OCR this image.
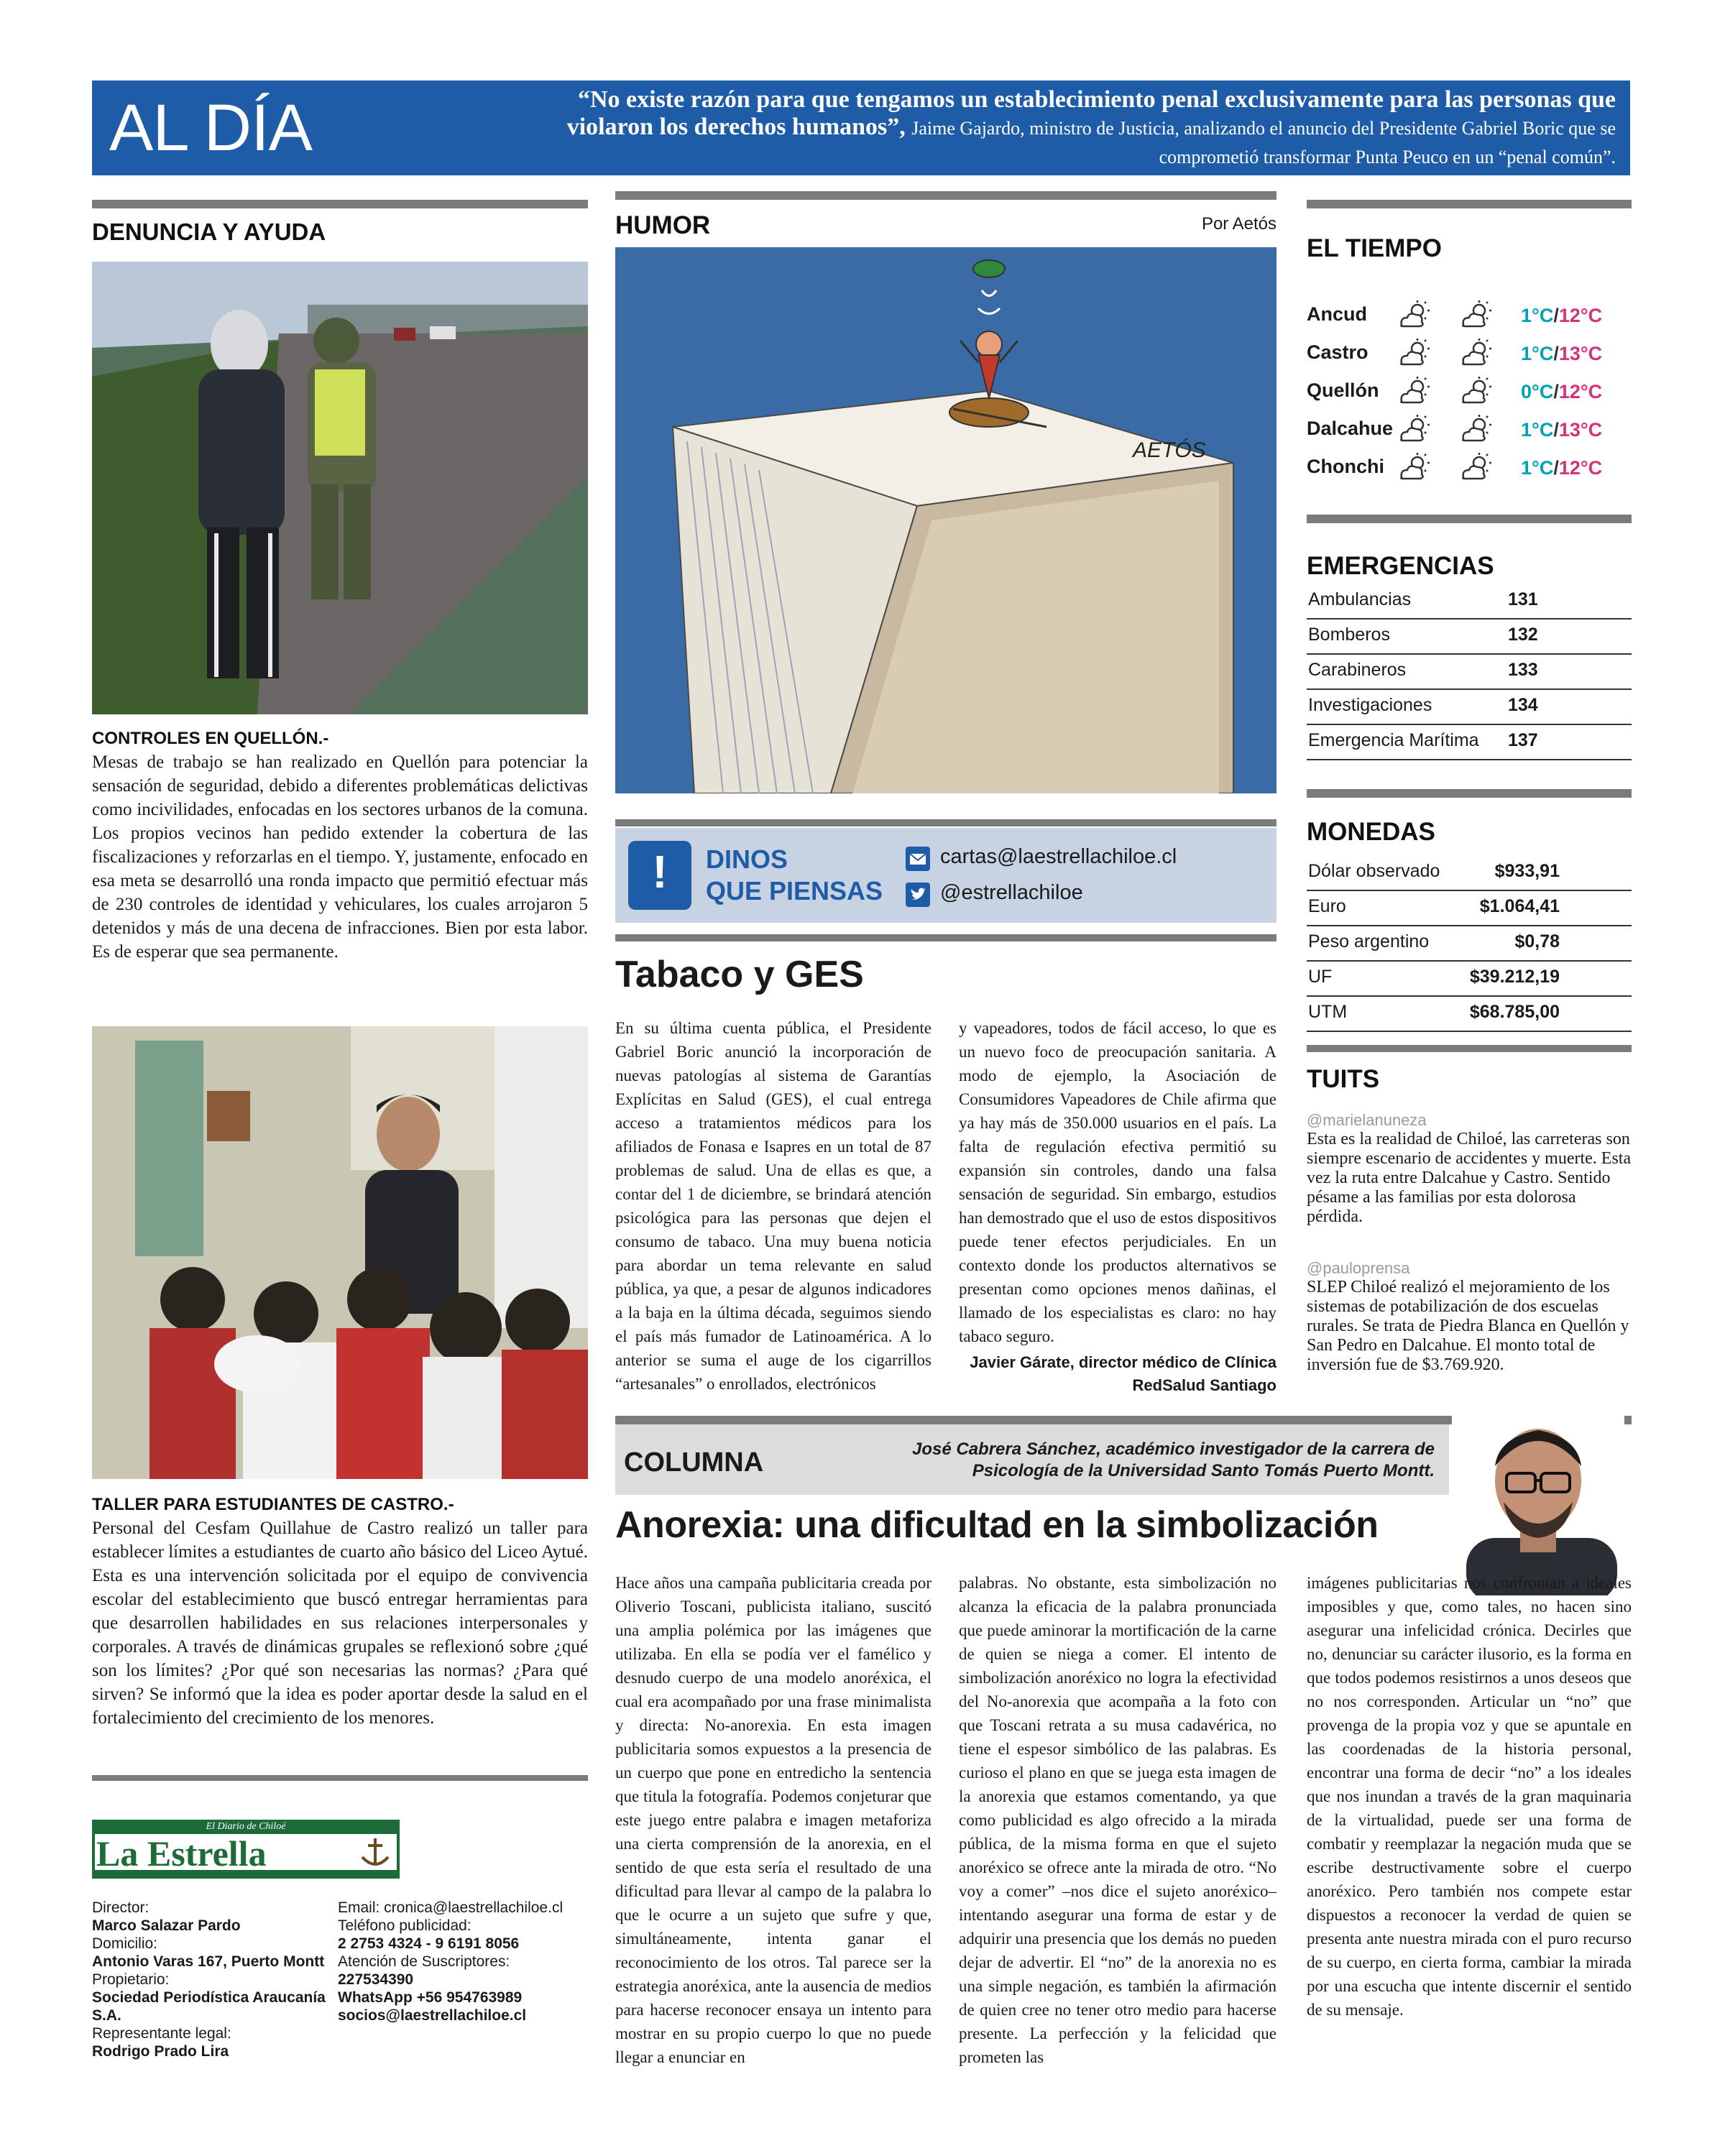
AL DÍA	“No existe razón para que tengamos un establecimiento penal exclusivamente para las personas que violaron los derechos humanos”, Jaime Gajardo, ministro de Justicia, analizando el anuncio del Presidente Gabriel Boric que se comprometió transformar Punta Peuco en un “penal común”.
DENUNCIA Y AYUDA
CONTROLES EN QUELLÓN.-

Mesas de trabajo se han realizado en Quellón para potenciar la sensación de seguridad, debido a diferentes problemáticas delictivas como incivilidades, enfocadas en los sectores urbanos de la comuna. Los propios vecinos han pedido extender la cobertura de las fiscalizaciones y reforzarlas en el tiempo. Y, justamente, enfocado en esa meta se desarrolló una ronda impacto que permitió efectuar más de 230 controles de identidad y vehiculares, los cuales arrojaron 5 detenidos y más de una decena de infracciones. Bien por esta labor. Es de esperar que sea permanente.

TALLER PARA ESTUDIANTES DE CASTRO.-

Personal del Cesfam Quillahue de Castro realizó un taller para establecer límites a estudiantes de cuarto año básico del Liceo Aytué. Esta es una intervención solicitada por el equipo de convivencia escolar del establecimiento que buscó entregar herramientas para que desarrollen habilidades en sus relaciones interpersonales y corporales. A través de dinámicas grupales se reflexionó sobre ¿qué son los límites? ¿Por qué son necesarias las normas? ¿Para qué sirven? Se informó que la idea es poder aportar desde la salud en el fortalecimiento del crecimiento de los menores.

El Diario de Chiloé
La Estrella
Director:
Marco Salazar Pardo
Domicilio:
Antonio Varas 167, Puerto Montt
Propietario:
Sociedad Periodística Araucanía S.A.
Representante legal:
Rodrigo Prado Lira
Email: cronica@laestrellachiloe.cl
Teléfono publicidad:
2 2753 4324 - 9 6191 8056
Atención de Suscriptores:
227534390
WhatsApp +56 954763989
socios@laestrellachiloe.cl
HUMOR	Por Aetós
AETÓS
!	DINOS
QUE PIENSAS
cartas@laestrellachiloe.cl
@estrellachiloe
Tabaco y GES

En su última cuenta pública, el Presidente Gabriel Boric anunció la incorporación de nuevas patologías al sistema de Garantías Explícitas en Salud (GES), el cual entrega acceso a tratamientos médicos para los afiliados de Fonasa e Isapres en un total de 87 problemas de salud. Una de ellas es que, a contar del 1 de diciembre, se brindará atención psicológica para las personas que dejen el consumo de tabaco. Una muy buena noticia para abordar un tema relevante en salud pública, ya que, a pesar de algunos indicadores a la baja en la última década, seguimos siendo el país más fumador de Latinoamérica. A lo anterior se suma el auge de los cigarrillos “artesanales” o enrollados, electrónicos

y vapeadores, todos de fácil acceso, lo que es un nuevo foco de preocupación sanitaria. A modo de ejemplo, la Asociación de Consumidores Vapeadores de Chile afirma que ya hay más de 350.000 usuarios en el país. La falta de regulación efectiva permitió su expansión sin controles, dando una falsa sensación de seguridad. Sin embargo, estudios han demostrado que el uso de estos dispositivos puede tener efectos perjudiciales. En un contexto donde los productos alternativos se presentan como opciones menos dañinas, el llamado de los especialistas es claro: no hay tabaco seguro.

Javier Gárate, director médico de Clínica
RedSalud Santiago
COLUMNA	José Cabrera Sánchez, académico investigador de la carrera de
Psicología de la Universidad Santo Tomás Puerto Montt.
Anorexia: una dificultad en la simbolización

Hace años una campaña publicitaria creada por Oliverio Toscani, publicista italiano, suscitó una amplia polémica por las imágenes que utilizaba. En ella se podía ver el famélico y desnudo cuerpo de una modelo anoréxica, el cual era acompañado por una frase minimalista y directa: No-anorexia. En esta imagen publicitaria somos expuestos a la presencia de un cuerpo que pone en entredicho la sentencia que titula la fotografía. Podemos conjeturar que este juego entre palabra e imagen metaforiza una cierta comprensión de la anorexia, en el sentido de que esta sería el resultado de una dificultad para llevar al campo de la palabra lo que le ocurre a un sujeto que sufre y que, simultáneamente, intenta ganar el reconocimiento de los otros. Tal parece ser la estrategia anoréxica, ante la ausencia de medios para hacerse reconocer ensaya un intento para mostrar en su propio cuerpo lo que no puede llegar a enunciar en

palabras. No obstante, esta simbolización no alcanza la eficacia de la palabra pronunciada que puede aminorar la mortificación de la carne de quien se niega a comer. El intento de simbolización anoréxico no logra la efectividad del No-anorexia que acompaña a la foto con que Toscani retrata a su musa cadavérica, no tiene el espesor simbólico de las palabras. Es curioso el plano en que se juega esta imagen de la anorexia que estamos comentando, ya que como publicidad es algo ofrecido a la mirada pública, de la misma forma en que el sujeto anoréxico se ofrece ante la mirada de otro. “No voy a comer” –nos dice el sujeto anoréxico– intentando asegurar una forma de estar y de adquirir una presencia que los demás no pueden dejar de advertir. El “no” de la anorexia no es una simple negación, es también la afirmación de quien cree no tener otro medio para hacerse presente. La perfección y la felicidad que prometen las

imágenes publicitarias nos confrontan a ideales imposibles y que, como tales, no hacen sino asegurar una infelicidad crónica. Decirles que no, denunciar su carácter ilusorio, es la forma en que todos podemos resistirnos a unos deseos que no nos corresponden. Articular un “no” que provenga de la propia voz y que se apuntale en las coordenadas de la historia personal, encontrar una forma de decir “no” a los ideales que nos inundan a través de la gran maquinaria de la virtualidad, puede ser una forma de combatir y reemplazar la negación muda que se escribe destructivamente sobre el cuerpo anoréxico. Pero también nos compete estar dispuestos a reconocer la verdad de quien se presenta ante nuestra mirada con el puro recurso de su cuerpo, en cierta forma, cambiar la mirada por una escucha que intente discernir el sentido de su mensaje.

EL TIEMPO
Ancud	1°C/12°C
Castro	1°C/13°C
Quellón	0°C/12°C
Dalcahue	1°C/13°C
Chonchi	1°C/12°C
EMERGENCIAS
Ambulancias	131
Bomberos	132
Carabineros	133
Investigaciones	134
Emergencia Marítima 137
MONEDAS
Dólar observado	$933,91
Euro	$1.064,41
Peso argentino	$0,78
UF	$39.212,19
UTM	$68.785,00
TUITS
@marielanuneza
Esta es la realidad de Chiloé, las carreteras son siempre escenario de accidentes y muerte. Esta vez la ruta entre Dalcahue y Castro. Sentido pésame a las familias por esta dolorosa pérdida.
@pauloprensa
SLEP Chiloé realizó el mejoramiento de los sistemas de potabilización de dos escuelas rurales. Se trata de Piedra Blanca en Quellón y San Pedro en Dalcahue. El monto total de inversión fue de $3.769.920.
